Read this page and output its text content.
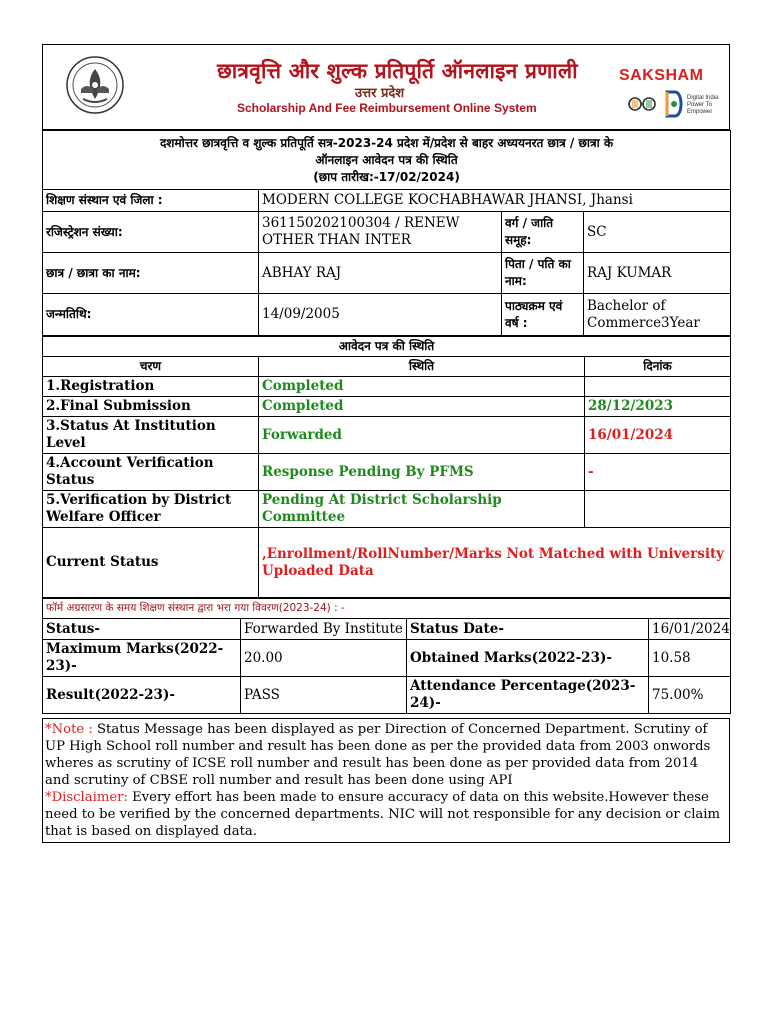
छात्रवृत्ति और शुल्क प्रतिपूर्ति ऑनलाइन प्रणाली
उत्तर प्रदेश
Scholarship And Fee Reimbursement Online System
SAKSHAM
Digital India
Power To Empower
दशमोत्तर छात्रवृत्ति व शुल्क प्रतिपूर्ति सत्र-2023-24 प्रदेश में/प्रदेश से बाहर अध्ययनरत छात्र / छात्रा के
ऑनलाइन आवेदन पत्र की स्थिति
(छाप तारीख:-17/02/2024)			

शिक्षण संस्थान एवं जिला :	MODERN COLLEGE KOCHABHAWAR JHANSI, Jhansi		
रजिस्ट्रेशन संख्या:	361150202100304 / RENEW OTHER THAN INTER	वर्ग / जाति समूह:	SC
छात्र / छात्रा का नाम:	ABHAY RAJ	पिता / पति का नाम:	RAJ KUMAR
जन्मतिथि:	14/09/2005	पाठ्यक्रम एवं वर्ष :	Bachelor of Commerce3Year
आवेदन पत्र की स्थिति		
चरण	स्थिति	दिनांक
1.Registration	Completed	
2.Final Submission	Completed	28/12/2023
3.Status At Institution Level	Forwarded	16/01/2024
4.Account Verification Status	Response Pending By PFMS	-
5.Verification by District Welfare Officer	Pending At District Scholarship Committee	
Current Status	,Enrollment/RollNumber/Marks Not Matched with University Uploaded Data	
फॉर्म अग्रसारण के समय शिक्षण संस्थान द्वारा भरा गया विवरण(2023-24) : -			
Status-	Forwarded By Institute	Status Date-	16/01/2024
Maximum Marks(2022-23)-	20.00	Obtained Marks(2022-23)-	10.58
Result(2022-23)-	PASS	Attendance Percentage(2023-24)-	75.00%
*Note : Status Message has been displayed as per Direction of Concerned Department. Scrutiny of UP High School roll number and result has been done as per the provided data from 2003 onwords wheres as scrutiny of ICSE roll number and result has been done as per provided data from 2014 and scrutiny of CBSE roll number and result has been done using API
*Disclaimer: Every effort has been made to ensure accuracy of data on this website.However these need to be verified by the concerned departments. NIC will not responsible for any decision or claim that is based on displayed data.
